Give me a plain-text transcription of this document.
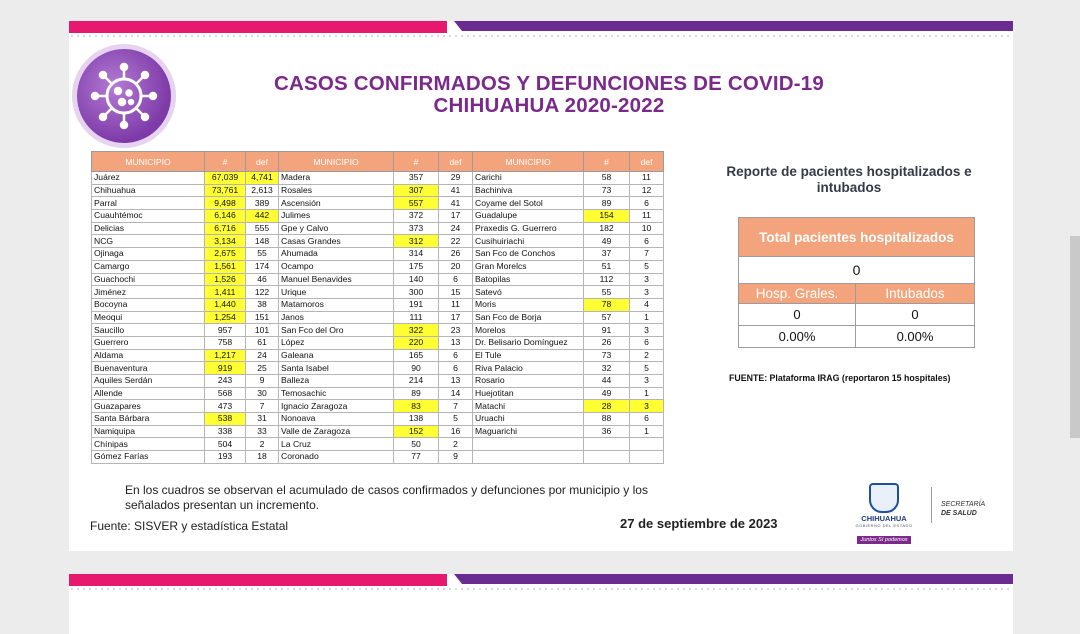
CASOS CONFIRMADOS Y DEFUNCIONES DE COVID-19
CHIHUAHUA 2020-2022
MUNICIPIO	#	def	MUNICIPIO	#	def	MUNICIPIO	#	def
Juárez	67,039	4,741	Madera	357	29	Carichi	58	11
Chihuahua	73,761	2,613	Rosales	307	41	Bachiniva	73	12
Parral	9,498	389	Ascensión	557	41	Coyame del Sotol	89	6
Cuauhtémoc	6,146	442	Julimes	372	17	Guadalupe	154	11
Delicias	6,716	555	Gpe y Calvo	373	24	Praxedis G. Guerrero	182	10
NCG	3,134	148	Casas Grandes	312	22	Cusihuiriachi	49	6
Ojinaga	2,675	55	Ahumada	314	26	San Fco de Conchos	37	7
Camargo	1,561	174	Ocampo	175	20	Gran Morelcs	51	5
Guachochi	1,526	46	Manuel Benavides	140	6	Batopilas	112	3
Jiménez	1,411	122	Urique	300	15	Satevó	55	3
Bocoyna	1,440	38	Matamoros	191	11	Moris	78	4
Meoqui	1,254	151	Janos	111	17	San Fco de Borja	57	1
Saucillo	957	101	San Fco del Oro	322	23	Morelos	91	3
Guerrero	758	61	López	220	13	Dr. Belisario Domínguez	26	6
Aldama	1,217	24	Galeana	165	6	El Tule	73	2
Buenaventura	919	25	Santa Isabel	90	6	Riva Palacio	32	5
Aquiles Serdán	243	9	Balleza	214	13	Rosario	44	3
Allende	568	30	Temosachic	89	14	Huejotitan	49	1
Guazapares	473	7	Ignacio Zaragoza	83	7	Matachi	28	3
Santa Bárbara	538	31	Nonoava	138	5	Uruachi	88	6
Namiquipa	338	33	Valle de Zaragoza	152	16	Maguarichi	36	1
Chínipas	504	2	La Cruz	50	2			
Gómez Farías	193	18	Coronado	77	9			
Reporte de pacientes hospitalizados e intubados
Total pacientes hospitalizados	
0	
Hosp. Grales.	Intubados
0	0
0.00%	0.00%
FUENTE: Plataforma IRAG (reportaron 15 hospitales)
En los cuadros se observan el acumulado de casos confirmados y defunciones por municipio y los señalados presentan un incremento.
Fuente: SISVER y estadística Estatal	27 de septiembre de 2023	CHIHUAHUA
GOBIERNO DEL ESTADO
Juntos Sí podemos
SECRETARÍA
DE SALUD
